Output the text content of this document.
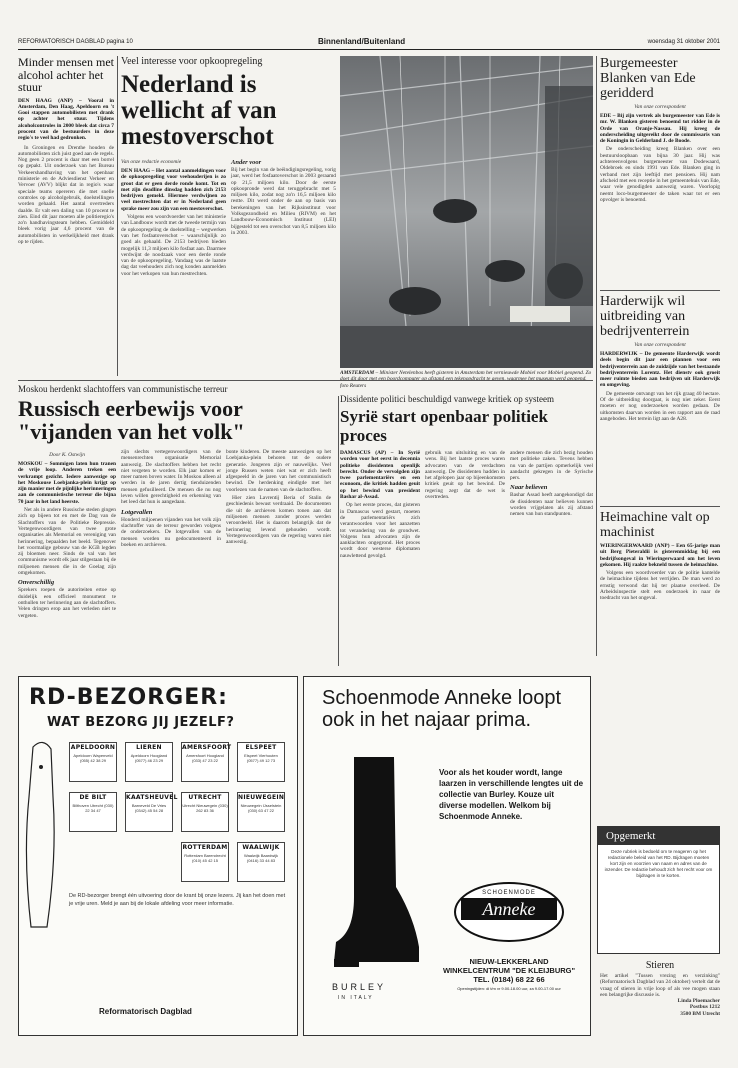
REFORMATORISCH DAGBLAD pagina 10	Binnenland/Buitenland	woensdag 31 oktober 2001
Minder mensen met alcohol achter het stuur
DEN HAAG (ANP) – Vooral in Amsterdam, Den Haag, Apeldoorn en 't Gooi stappen automobilisten met drank op achter het stuur. Tijdens alcoholcontroles in 2000 bleek dat circa 7 procent van de bestuurders in deze regio's te veel had gedronken.
In Groningen en Drenthe houden de automobilisten zich juist goed aan de regels. Nog geen 2 procent is daar met een borrel op gepakt. Uit onderzoek van het Bureau Verkeershandhaving van het openbaar ministerie en de Adviesdienst Verkeer en Vervoer (AVV) blijkt dat in regio's waar speciale teams opereren die met snelle controles op alcoholgebruik, doelstellingen worden gehaald. Het aantal overtreders daalde. Er valt een daling van 10 procent te zien. Eind dit jaar moeten alle politieregio's zo'n handhavingsteam hebben. Gemiddeld bleek vorig jaar 4,6 procent van de automobilisten in werkelijkheid met drank op te rijden.
Veel interesse voor opkoopregeling
Nederland is wellicht af van mestoverschot
Van onze redactie economie
DEN HAAG – Het aantal aanmeldingen voor de opkoopregeling voor veehouderijen is zo groot dat er geen derde ronde komt. Tot en met zijn deadline dinsdag hadden zich 2153 bedrijven gemeld. Hiermee verdwijnen zo veel mestrechten dat er in Nederland geen sprake meer zou zijn van een mestoverschot.
Volgens een woordvoerder van het ministerie van Landbouw wordt met de tweede termijn van de opkoopregeling de doelstelling – wegwerken van het fosfaatoverschot – waarschijnlijk zo goed als gehaald. De 2153 bedrijven bieden mogelijk 11,3 miljoen kilo fosfaat aan. Daarmee verdwijnt de noodzaak voor een derde ronde van de opkoopregeling. Vandaag was de laatste dag dat veehouders zich nog konden aanmelden voor het verkopen van hun mestrechten.
Ander voor
Bij het begin van de beëindigingsregeling, vorig jaar, werd het fosfaatoverschot in 2003 geraamd op 21,5 miljoen kilo. Door de eerste opkoopronde werd dat teruggebracht met 5 miljoen kilo, zodat nog zo'n 16,5 miljoen kilo restte. Dit werd onder de aan op basis van berekeningen van het Rijksinstituut voor Volksgezondheid en Milieu (RIVM) en het Landbouw-Economisch Instituut (LEI) bijgesteld tot een overschot van 8,5 miljoen kilo in 2003.
AMSTERDAM – Minister Netelenbos heeft gisteren in Amsterdam het vernieuwde Mobiel voor Mobiel geopend. Zo foto Reuters
Burgemeester Blanken van Ede geridderd
Van onze correspondent
EDE – Bij zijn vertrek als burgemeester van Ede is mr. W. Blanken gisteren benoemd tot ridder in de Orde van Oranje-Nassau. Hij kreeg de onderscheiding uitgereikt door de commissaris van de Koningin in Gelderland J. de Boode.
De onderscheiding kreeg Blanken over een bestuursloopbaan van bijna 30 jaar. Hij was achtereenvolgens burgemeester van Dodewaard, Oldebroek en sinds 1991 van Ede. Blanken ging in verband met zijn leeftijd met pensioen. Hij nam afscheid met een receptie in het gemeentehuis van Ede, waar vele genodigden aanwezig waren. Voorlopig neemt loco-burgemeester de taken waar tot er een opvolger is benoemd.
Harderwijk wil uitbreiding van bedrijventerrein
Van onze correspondent
HARDERWIJK – De gemeente Harderwijk wordt deels begin dit jaar een plannen voor een bedrijventerrein aan de zuidzijde van het bestaande bedrijventerrein Lorentz. Het dienstv ook groeit meer ruimte bieden aan bedrijven uit Harderwijk en omgeving.
De gemeente ontvangt van het rijk graag 40 hectare. Of de uitbreiding doorgaat, is nog niet zeker. Eerst moeten er nog onderzoeken worden gedaan. De uitkomsten daarvan worden in een rapport aan de raad aangeboden. Het terrein ligt aan de A28.
Heimachine valt op machinist
WIERINGERWAARD (ANP) – Een 65-jarige man uit Berg Pieteraldii is gisterenmiddag bij een bedrijfsongeval in Wieringerwaard om het leven gekomen. Hij raakte bekneld tussen de heimachine.
Volgens een woordvoerder van de politie kantelde de heimachine tijdens het verrijden. De man werd zo ernstig verwond dat hij ter plaatse overleed. De Arbeidsinspectie stelt een onderzoek in naar de toedracht van het ongeval.
Moskou herdenkt slachtoffers van communistische terreur
Russisch eerbewijs voor "vijanden van het volk"
Door K. Ostwijn
MOSKOU – Sommigen laten hun tranen de vrije loop. Anderen treken een verkrampt gezicht. Iedere aanwezige op het Moskouse Loebjanka-plein krijgt op zijn manier met de pijnlijke herinneringen aan de communistische terreur die bijna 70 jaar in het land heerste.
Net als in andere Russische steden gingen zich op bijeen tot en met de Dag van de Slachtoffers van de Politieke Repressie. Vertegenwoordigers van twee grote organisaties als Memorial en vereniging van herinnering, bepaalden het beeld. Tegenover het voormalige gebouw van de KGB legden zij bloemen neer. Sinds de val van het communisme wordt elk jaar stilgestaan bij de miljoenen mensen die in de Goelag zijn omgekomen.
Onverschillig
Sprekers roepen de autoriteiten ertoe op duidelijk een officieel monument te onthullen ter herinnering aan de slachtoffers. Velen dringen erop aan het verleden niet te vergeten.
zijn slechts vertegenwoordigers van de mensenrechten organisatie Memorial aanwezig. De slachtoffers hebben het recht niet vergeten te worden. Elk jaar komen er meer namen boven water. In Moskou alleen al werden in de jaren dertig tienduizenden mensen gefusilleerd. De mensen die nu nog leven willen gerechtigheid en erkenning van het leed dat hun is aangedaan.
Lotgevallen
Honderd miljoenen vijanden van het volk zijn slachtoffer van de terreur geworden volgens de onderzoekers. De lotgevallen van de mensen worden nu gedocumenteerd in boeken en archieven.
bonte kinderen. De meeste aanwezigen op het Loebjanka-plein behoren tot de oudere generatie. Jongeren zijn er nauwelijks. Veel jonge Russen weten niet wat er zich heeft afgespeeld in de jaren van het communistisch bewind. De herdenking eindigde met het voorlezen van de namen van de slachtoffers.
Hier zien Lavrentij Beria of Stalin de geschiedenis bewust verdraaid. De documenten die uit de archieven komen tonen aan dat miljoenen mensen zonder proces werden veroordeeld. Het is daarom belangrijk dat de herinnering levend gehouden wordt. Vertegenwoordigers van de regering waren niet aanwezig.
Dissidente politici beschuldigd vanwege kritiek op systeem
Syrië start openbaar politiek proces
DAMASCUS (AP) – In Syrië worden voor het eerst in decennia politieke dissidenten openlijk berecht. Onder de vervolgden zijn twee parlementariërs en een econoom, die kritiek hadden geuit op het bewind van president Bashar al-Assad.
Op het eerste proces, dat gisteren in Damascus werd gestart, moeten de parlementariërs zich verantwoorden voor het aanzetten tot verandering van de grondwet. Volgens hun advocaten zijn de aanklachten ongegrond. Het proces wordt door westerse diplomaten nauwlettend gevolgd.
gebruik van uitsluiting en van de wens. Bij het laatste proces waren advocaten van de verdachten aanwezig. De dissidenten hadden in het afgelopen jaar op bijeenkomsten kritiek geuit op het bewind. De regering zegt dat de wet is overtreden.
andere mensen die zich bezig houden met politieke zaken. Tevens hebben nu van de partijen opmerkelijk veel aandacht gekregen in de Syrische pers.
Naar believen
Bashar Assad heeft aangekondigd dat de dissidenten naar believen kunnen worden vrijgelaten als zij afstand nemen van hun standpunten.
RD-BEZORGER:
WAT BEZORG JIJ JEZELF?
APELDOORN
Apeldoorn Wapenveld (055) 42 38 29
LIEREN
Apeldoorn Hoogland (0577) 46 23 29
AMERSFOORT
Amersfoort Hoogland (033) 47 23 22
ELSPEET
Elspeet Vierhouten (0577) 49 12 73
DE BILT
Bilthoven Utrecht (030) 22 34 47
KAATSHEUVEL
Barneveld De Vries (0342) 45 54 28
UTRECHT
Utrecht Nieuwegein (030) 262 83 36
NIEUWEGEIN
Nieuwegein IJsselstein (030) 63 47 22
ROTTERDAM
Rotterdam Barendrecht (010) 45 42 15
WAALWIJK
Waalwijk Baardwijk (0416) 33 44 83
De RD-bezorger brengt één uitvoering door de krant bij onze lezers. Jij kan het doen met je vrije uren. Meld je aan bij de lokale afdeling voor meer informatie.
Reformatorisch Dagblad
Schoenmode Anneke loopt ook in het najaar prima.
BURLEY
IN ITALY
Voor als het kouder wordt, lange laarzen in verschillende lengtes uit de collectie van Burley. Kouze uit diverse modellen. Welkom bij Schoenmode Anneke.
SCHOENMODE
Anneke
NIEUW-LEKKERLAND
WINKELCENTRUM "DE KLEIJBURG"
TEL. (0184) 68 22 66
Openingstijden: di t/m vr 9.00-18.00 uur, za 9.00-17.00 uur
Opgemerkt
Deze rubriek is bedoeld om te reageren op het redactionele beleid van het RD. Bijdragen moeten kort zijn en voorzien van naam en adres van de inzender. De redactie behoudt zich het recht voor om bijdragen in te korten.
Stieren
Het artikel "Tussen vrezing en verzinking" (Reformatorisch Dagblad van 24 oktober) vertelt dat de vraag of stieren in vrije loop of als vee mogen staan een belangrijke discussie is.
Linda Ploemacher
Postbus 1212
3500 BM Utrecht
